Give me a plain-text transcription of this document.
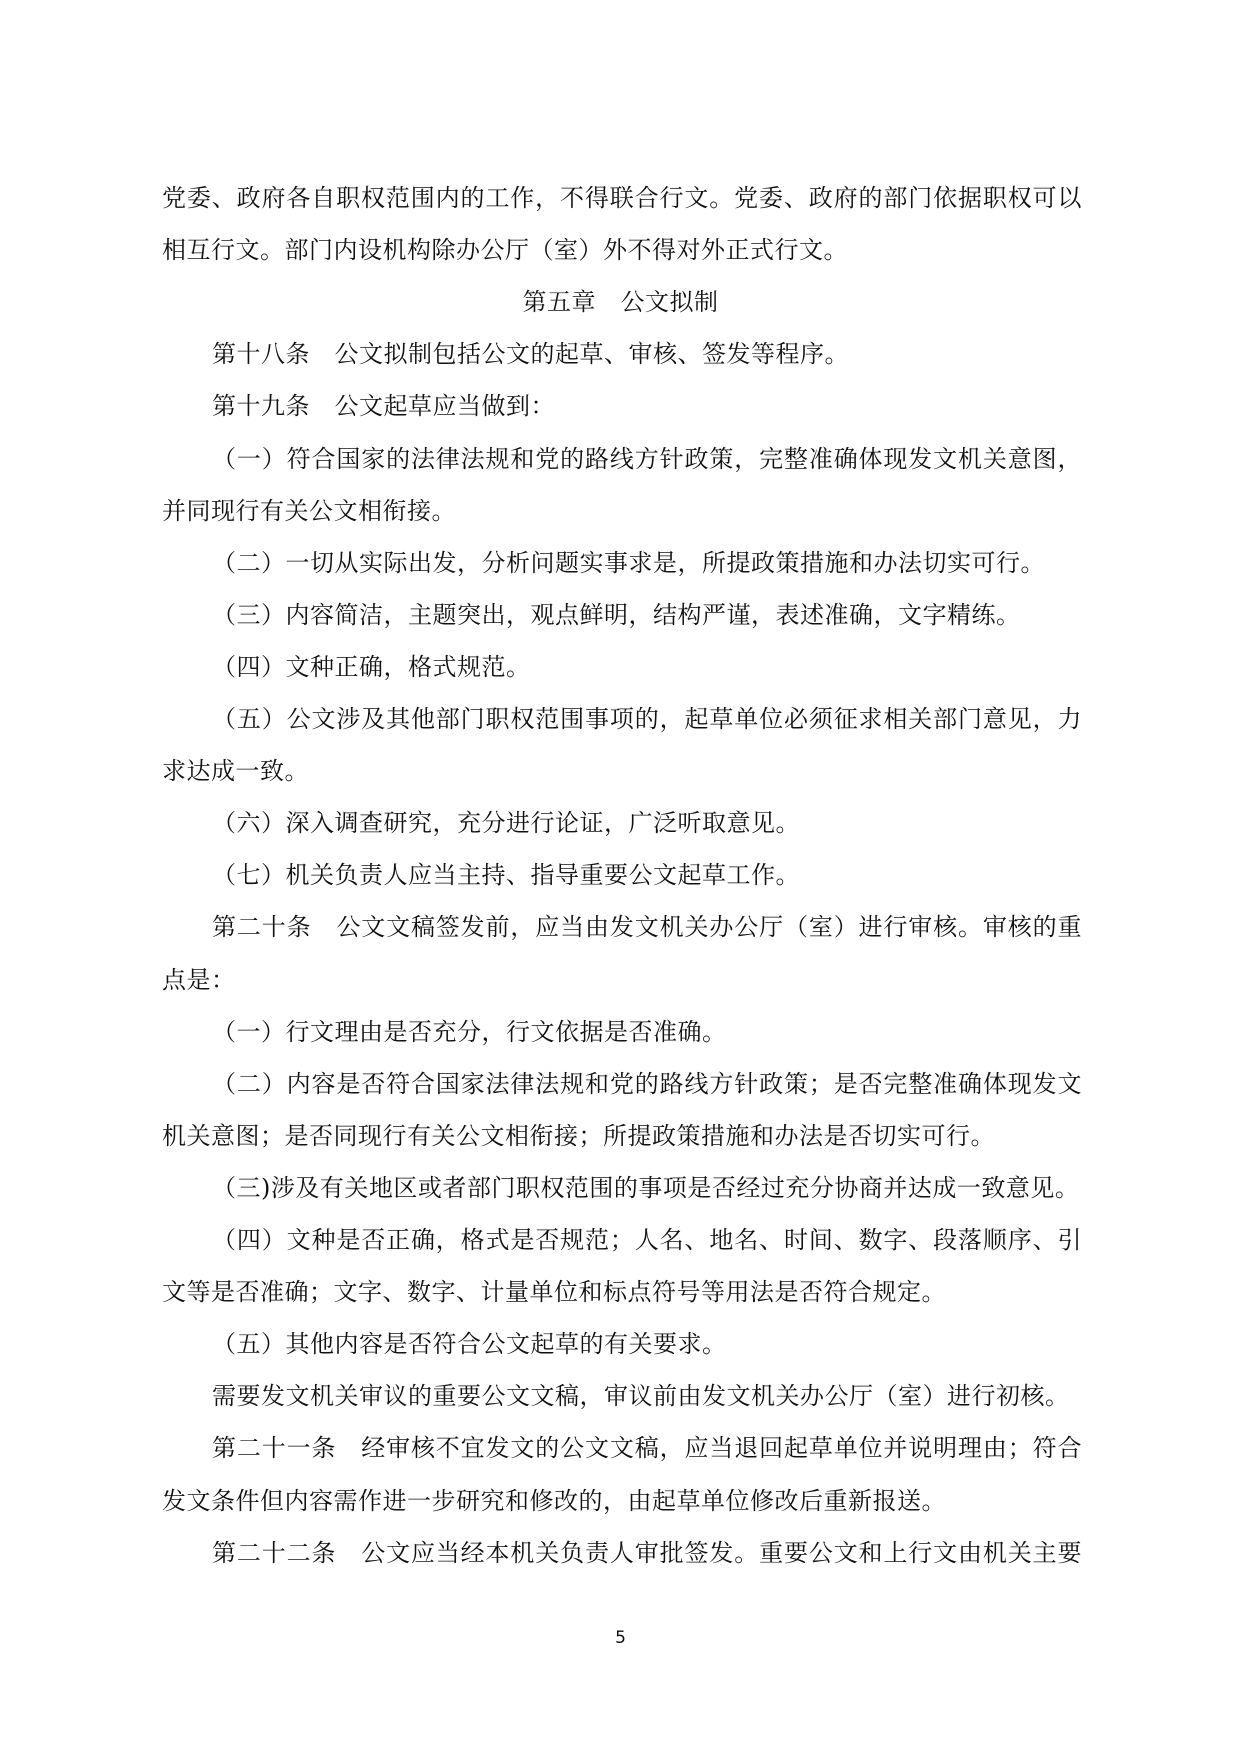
党委、政府各自职权范围内的工作，不得联合行文。党委、政府的部门依据职权可以
相互行文。部门内设机构除办公厅（室）外不得对外正式行文。
第五章　公文拟制
第十八条　公文拟制包括公文的起草、审核、签发等程序。
第十九条　公文起草应当做到：
（一）符合国家的法律法规和党的路线方针政策，完整准确体现发文机关意图，
并同现行有关公文相衔接。
（二）一切从实际出发，分析问题实事求是，所提政策措施和办法切实可行。
（三）内容简洁，主题突出，观点鲜明，结构严谨，表述准确，文字精练。
（四）文种正确，格式规范。
（五）公文涉及其他部门职权范围事项的，起草单位必须征求相关部门意见，力
求达成一致。
（六）深入调查研究，充分进行论证，广泛听取意见。
（七）机关负责人应当主持、指导重要公文起草工作。
第二十条　公文文稿签发前，应当由发文机关办公厅（室）进行审核。审核的重
点是：
（一）行文理由是否充分，行文依据是否准确。
（二）内容是否符合国家法律法规和党的路线方针政策；是否完整准确体现发文
机关意图；是否同现行有关公文相衔接；所提政策措施和办法是否切实可行。
（三)涉及有关地区或者部门职权范围的事项是否经过充分协商并达成一致意见。
（四）文种是否正确，格式是否规范；人名、地名、时间、数字、段落顺序、引
文等是否准确；文字、数字、计量单位和标点符号等用法是否符合规定。
（五）其他内容是否符合公文起草的有关要求。
需要发文机关审议的重要公文文稿，审议前由发文机关办公厅（室）进行初核。
第二十一条　经审核不宜发文的公文文稿，应当退回起草单位并说明理由；符合
发文条件但内容需作进一步研究和修改的，由起草单位修改后重新报送。
第二十二条　公文应当经本机关负责人审批签发。重要公文和上行文由机关主要
5
